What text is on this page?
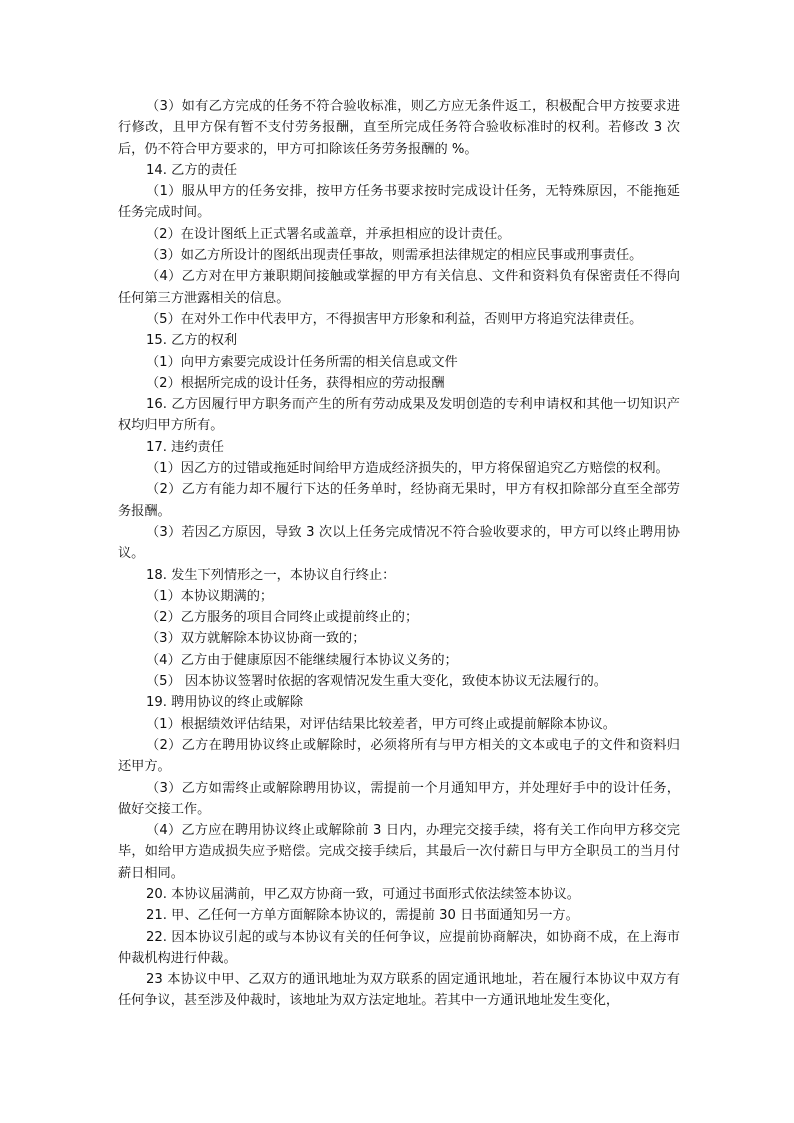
（3）如有乙方完成的任务不符合验收标准，则乙方应无条件返工，积极配合甲方按要求进行修改，且甲方保有暂不支付劳务报酬，直至所完成任务符合验收标准时的权利。若修改 3 次后，仍不符合甲方要求的，甲方可扣除该任务劳务报酬的 %。

14. 乙方的责任

（1）服从甲方的任务安排，按甲方任务书要求按时完成设计任务，无特殊原因，不能拖延任务完成时间。

（2）在设计图纸上正式署名或盖章，并承担相应的设计责任。

（3）如乙方所设计的图纸出现责任事故，则需承担法律规定的相应民事或刑事责任。

（4）乙方对在甲方兼职期间接触或掌握的甲方有关信息、文件和资料负有保密责任不得向任何第三方泄露相关的信息。

（5）在对外工作中代表甲方，不得损害甲方形象和利益，否则甲方将追究法律责任。

15. 乙方的权利

（1）向甲方索要完成设计任务所需的相关信息或文件

（2）根据所完成的设计任务，获得相应的劳动报酬

16. 乙方因履行甲方职务而产生的所有劳动成果及发明创造的专利申请权和其他一切知识产权均归甲方所有。

17. 违约责任

（1）因乙方的过错或拖延时间给甲方造成经济损失的，甲方将保留追究乙方赔偿的权利。

（2）乙方有能力却不履行下达的任务单时，经协商无果时，甲方有权扣除部分直至全部劳务报酬。

（3）若因乙方原因，导致 3 次以上任务完成情况不符合验收要求的，甲方可以终止聘用协议。

18. 发生下列情形之一，本协议自行终止：

（1）本协议期满的；

（2）乙方服务的项目合同终止或提前终止的；

（3）双方就解除本协议协商一致的；

（4）乙方由于健康原因不能继续履行本协议义务的；

（5） 因本协议签署时依据的客观情况发生重大变化，致使本协议无法履行的。

19. 聘用协议的终止或解除

（1）根据绩效评估结果，对评估结果比较差者，甲方可终止或提前解除本协议。

（2）乙方在聘用协议终止或解除时，必须将所有与甲方相关的文本或电子的文件和资料归还甲方。

（3）乙方如需终止或解除聘用协议，需提前一个月通知甲方，并处理好手中的设计任务，做好交接工作。

（4）乙方应在聘用协议终止或解除前 3 日内，办理完交接手续，将有关工作向甲方移交完毕，如给甲方造成损失应予赔偿。完成交接手续后，其最后一次付薪日与甲方全职员工的当月付薪日相同。

20. 本协议届满前，甲乙双方协商一致，可通过书面形式依法续签本协议。

21. 甲、乙任何一方单方面解除本协议的，需提前 30 日书面通知另一方。

22. 因本协议引起的或与本协议有关的任何争议，应提前协商解决，如协商不成，在上海市仲裁机构进行仲裁。

23 本协议中甲、乙双方的通讯地址为双方联系的固定通讯地址，若在履行本协议中双方有任何争议，甚至涉及仲裁时，该地址为双方法定地址。若其中一方通讯地址发生变化，
